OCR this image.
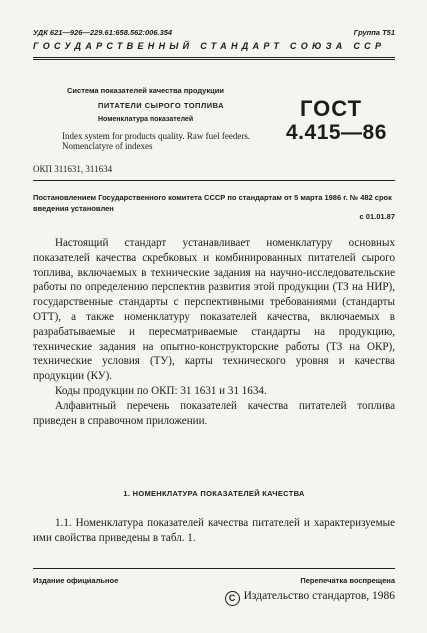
УДК 621—926—229.61:658.562:006.354	Группа Т51
ГОСУДАРСТВЕННЫЙ СТАНДАРТ СОЮЗА ССР
Система показателей качества продукции
ПИТАТЕЛИ СЫРОГО ТОПЛИВА
Номенклатура показателей
Index system for products quality. Raw fuel feeders. Nomenclatyre of indexes
ГОСТ
4.415—86
ОКП 311631, 311634
Постановлением Государственного комитета СССР по стандартам от 5 марта 1986 г. № 482 срок введения установлен
с 01.01.87

Настоящий стандарт устанавливает номенклатуру основных показателей качества скребковых и комбинированных питателей сырого топлива, включаемых в технические задания на научно-исследовательские работы по определению перспектив развития этой продукции (ТЗ на НИР), государственные стандарты с перспективными требованиями (стандарты ОТТ), а также номенклатуру показателей качества, включаемых в разрабатываемые и пересматриваемые стандарты на продукцию, технические задания на опытно-конструкторские работы (ТЗ на ОКР), технические условия (ТУ), карты технического уровня и качества продукции (КУ).

Коды продукции по ОКП: 31 1631 и 31 1634.

Алфавитный перечень показателей качества питателей топлива приведен в справочном приложении.

1. НОМЕНКЛАТУРА ПОКАЗАТЕЛЕЙ КАЧЕСТВА

1.1. Номенклатура показателей качества питателей и характеризуемые ими свойства приведены в табл. 1.

Издание официальное	Перепечатка воспрещена
C Издательство стандартов, 1986
